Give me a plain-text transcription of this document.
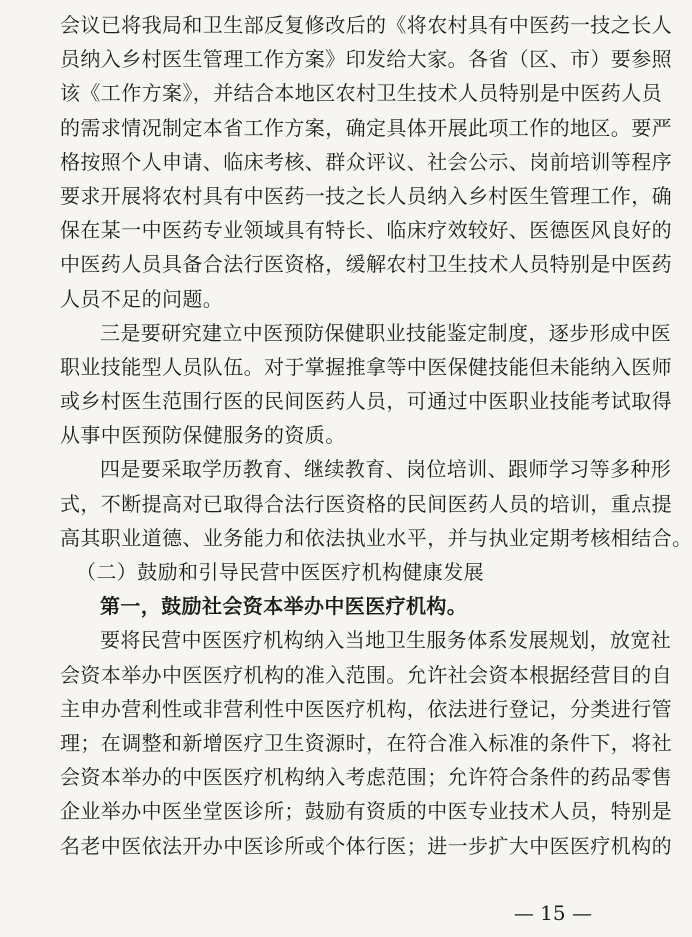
会议已将我局和卫生部反复修改后的《将农村具有中医药一技之长人
员纳入乡村医生管理工作方案》印发给大家。各省（区、市）要参照
该《工作方案》，并结合本地区农村卫生技术人员特别是中医药人员
的需求情况制定本省工作方案，确定具体开展此项工作的地区。要严
格按照个人申请、临床考核、群众评议、社会公示、岗前培训等程序
要求开展将农村具有中医药一技之长人员纳入乡村医生管理工作，确
保在某一中医药专业领域具有特长、临床疗效较好、医德医风良好的
中医药人员具备合法行医资格，缓解农村卫生技术人员特别是中医药
人员不足的问题。
三是要研究建立中医预防保健职业技能鉴定制度，逐步形成中医
职业技能型人员队伍。对于掌握推拿等中医保健技能但未能纳入医师
或乡村医生范围行医的民间医药人员，可通过中医职业技能考试取得
从事中医预防保健服务的资质。
四是要采取学历教育、继续教育、岗位培训、跟师学习等多种形
式，不断提高对已取得合法行医资格的民间医药人员的培训，重点提
高其职业道德、业务能力和依法执业水平，并与执业定期考核相结合。
（二）鼓励和引导民营中医医疗机构健康发展
第一，鼓励社会资本举办中医医疗机构。
要将民营中医医疗机构纳入当地卫生服务体系发展规划，放宽社
会资本举办中医医疗机构的准入范围。允许社会资本根据经营目的自
主申办营利性或非营利性中医医疗机构，依法进行登记，分类进行管
理；在调整和新增医疗卫生资源时，在符合准入标准的条件下，将社
会资本举办的中医医疗机构纳入考虑范围；允许符合条件的药品零售
企业举办中医坐堂医诊所；鼓励有资质的中医专业技术人员，特别是
名老中医依法开办中医诊所或个体行医；进一步扩大中医医疗机构的
— 15 —
